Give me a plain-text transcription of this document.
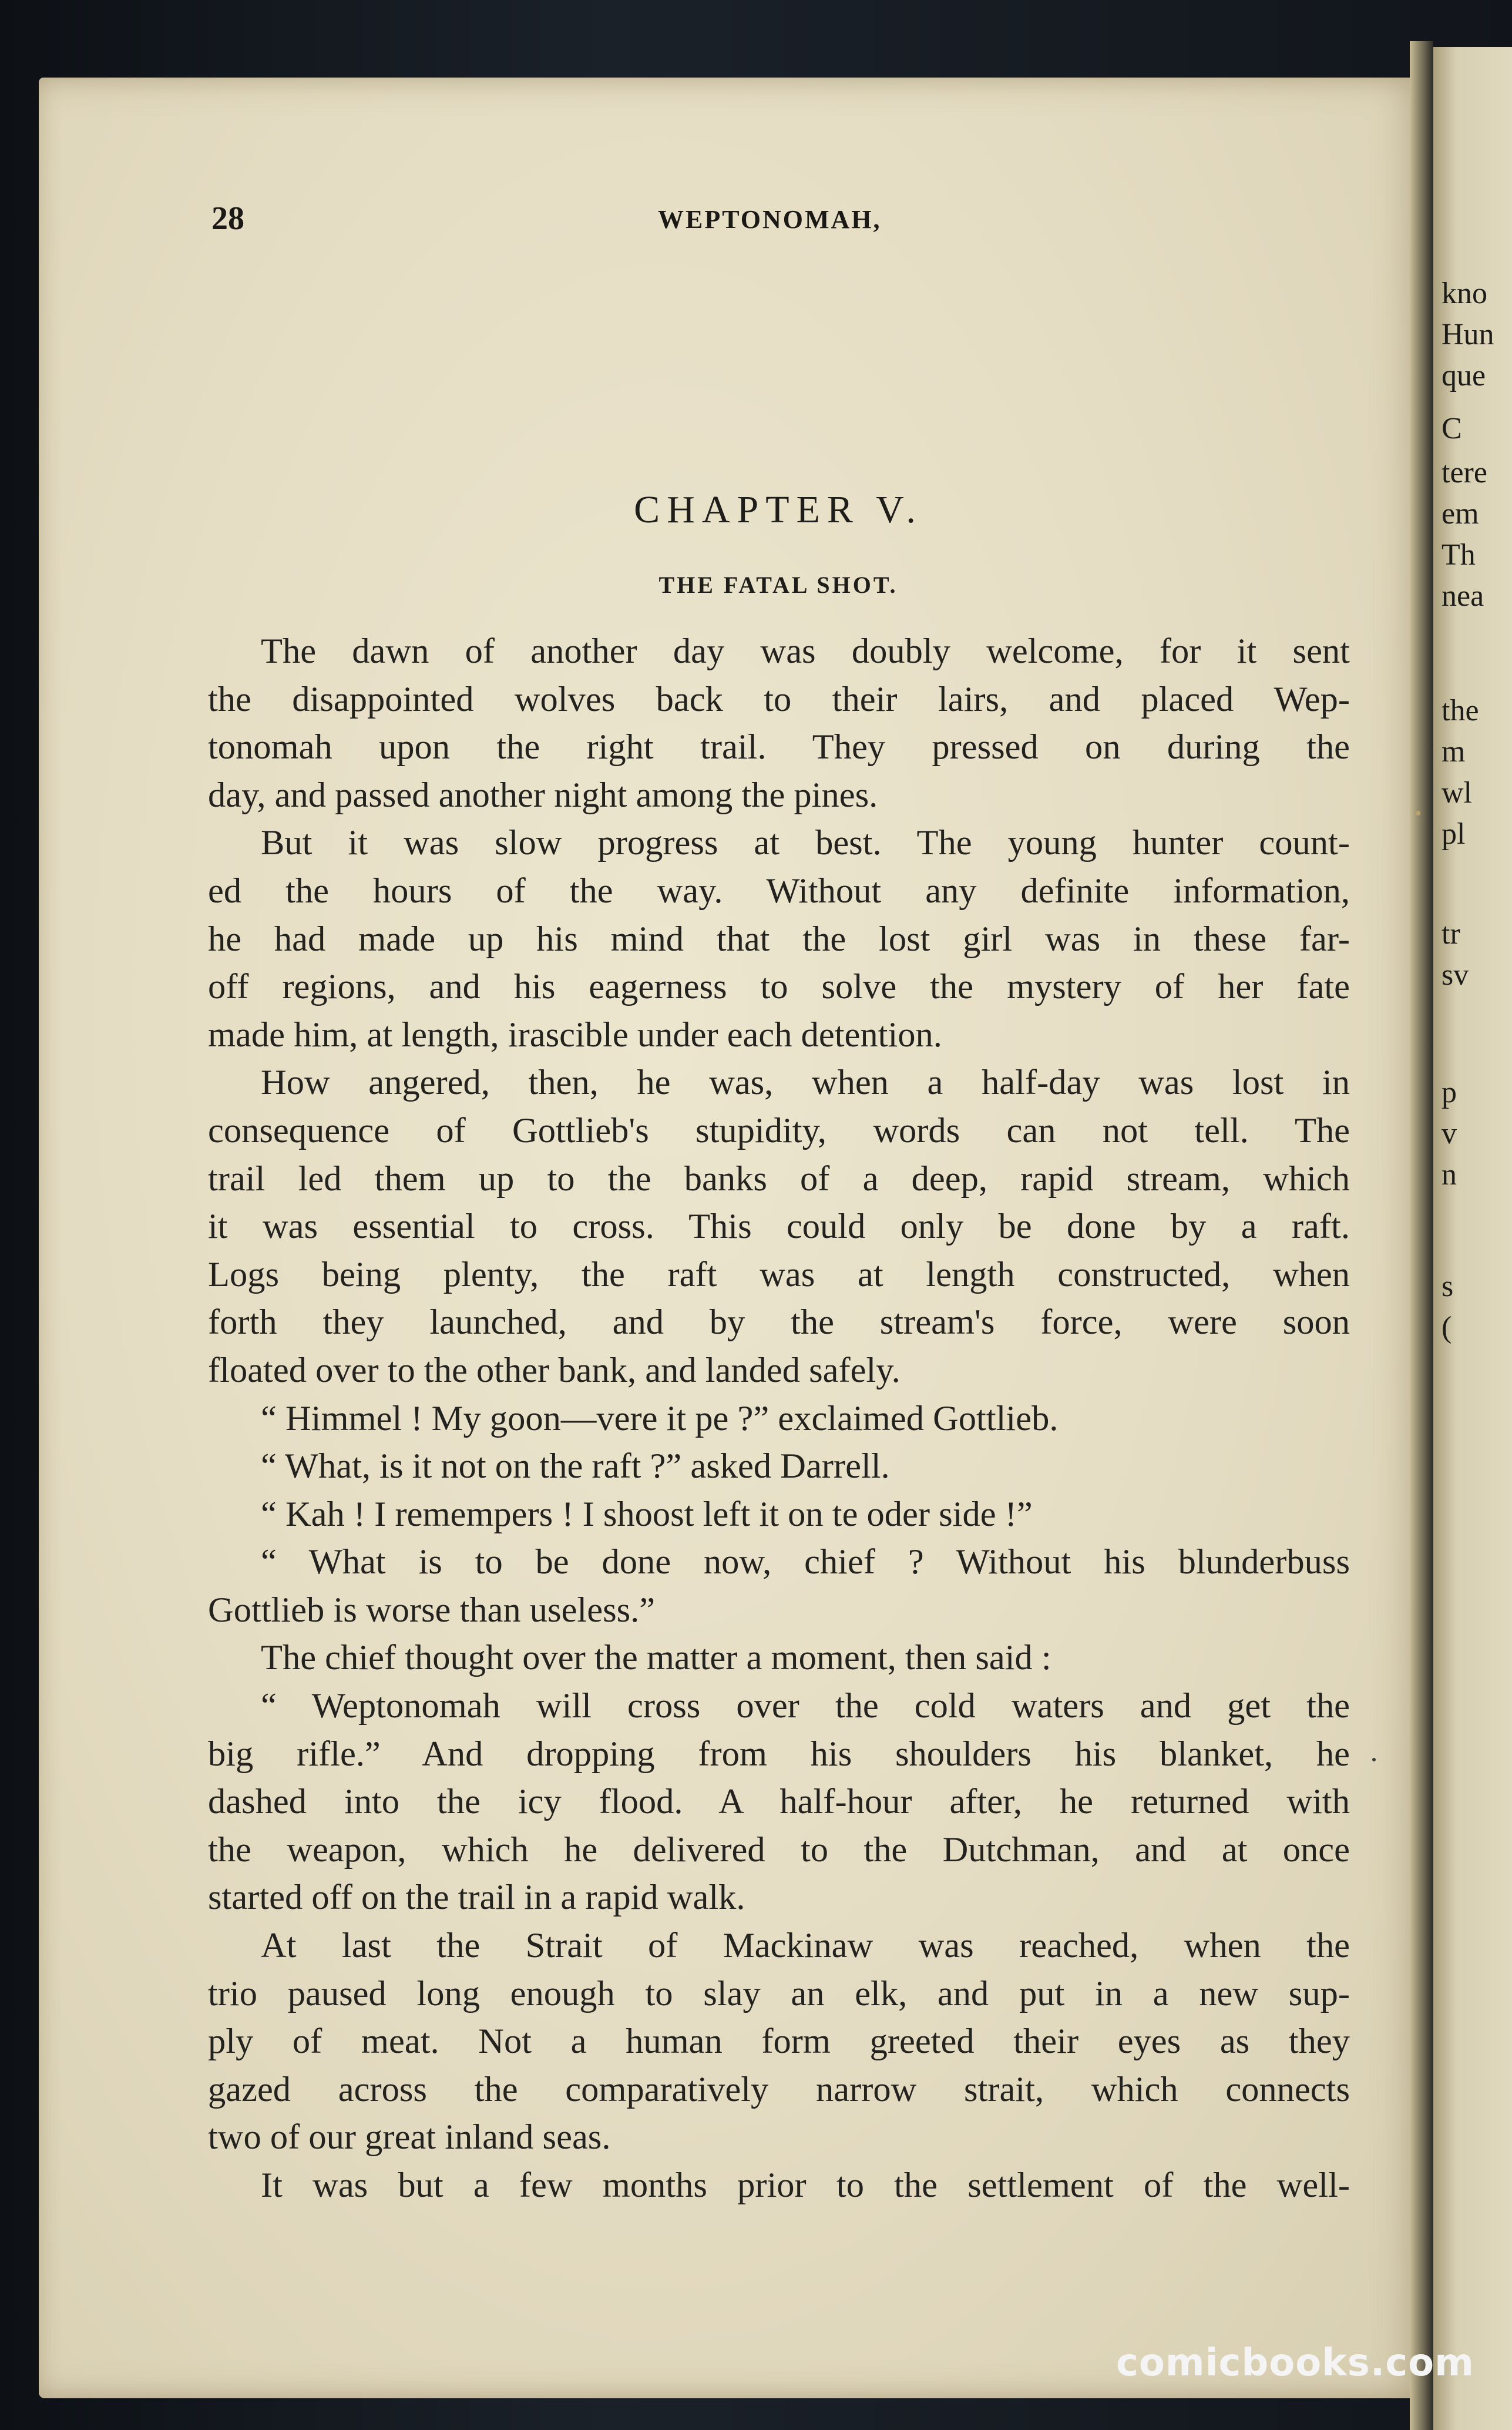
kno
Hun
que
C
tere
em
Th
nea
the
m
wl
pl
tr
sv
p
v
n
s
(
28	WEPTONOMAH,
CHAPTER V.
THE FATAL SHOT.
The dawn of another day was doubly welcome, for it sent
the disappointed wolves back to their lairs, and placed Wep-
tonomah upon the right trail. They pressed on during the
day, and passed another night among the pines.
But it was slow progress at best. The young hunter count-
ed the hours of the way. Without any definite information,
he had made up his mind that the lost girl was in these far-
off regions, and his eagerness to solve the mystery of her fate
made him, at length, irascible under each detention.
How angered, then, he was, when a half-day was lost in
consequence of Gottlieb's stupidity, words can not tell. The
trail led them up to the banks of a deep, rapid stream, which
it was essential to cross. This could only be done by a raft.
Logs being plenty, the raft was at length constructed, when
forth they launched, and by the stream's force, were soon
floated over to the other bank, and landed safely.
“ Himmel ! My goon—vere it pe ?” exclaimed Gottlieb.
“ What, is it not on the raft ?” asked Darrell.
“ Kah ! I remempers ! I shoost left it on te oder side !”
“ What is to be done now, chief ? Without his blunderbuss
Gottlieb is worse than useless.”
The chief thought over the matter a moment, then said :
“ Weptonomah will cross over the cold waters and get the
big rifle.” And dropping from his shoulders his blanket, he
dashed into the icy flood. A half-hour after, he returned with
the weapon, which he delivered to the Dutchman, and at once
started off on the trail in a rapid walk.
At last the Strait of Mackinaw was reached, when the
trio paused long enough to slay an elk, and put in a new sup-
ply of meat. Not a human form greeted their eyes as they
gazed across the comparatively narrow strait, which connects
two of our great inland seas.
It was but a few months prior to the settlement of the well-
comicbooks.com
